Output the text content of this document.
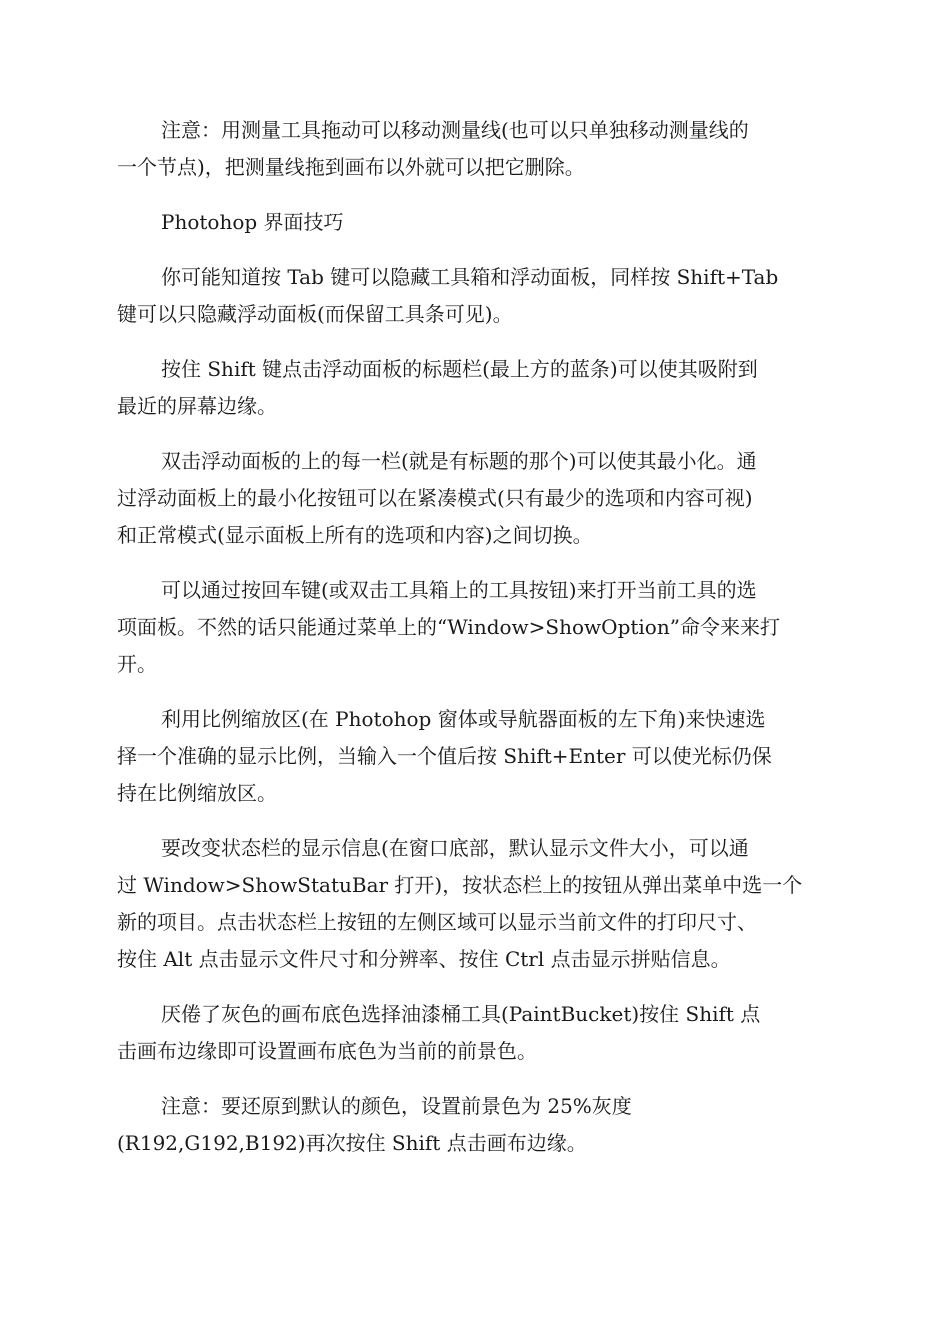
注意：用测量工具拖动可以移动测量线(也可以只单独移动测量线的
一个节点)，把测量线拖到画布以外就可以把它删除。

Photohop 界面技巧

你可能知道按 Tab 键可以隐藏工具箱和浮动面板，同样按 Shift+Tab
键可以只隐藏浮动面板(而保留工具条可见)。

按住 Shift 键点击浮动面板的标题栏(最上方的蓝条)可以使其吸附到
最近的屏幕边缘。

双击浮动面板的上的每一栏(就是有标题的那个)可以使其最小化。通
过浮动面板上的最小化按钮可以在紧凑模式(只有最少的选项和内容可视)
和正常模式(显示面板上所有的选项和内容)之间切换。

可以通过按回车键(或双击工具箱上的工具按钮)来打开当前工具的选
项面板。不然的话只能通过菜单上的“Window>ShowOption”命令来来打
开。

利用比例缩放区(在 Photohop 窗体或导航器面板的左下角)来快速选
择一个准确的显示比例，当输入一个值后按 Shift+Enter 可以使光标仍保
持在比例缩放区。

要改变状态栏的显示信息(在窗口底部，默认显示文件大小，可以通
过 Window>ShowStatuBar 打开)，按状态栏上的按钮从弹出菜单中选一个
新的项目。点击状态栏上按钮的左侧区域可以显示当前文件的打印尺寸、
按住 Alt 点击显示文件尺寸和分辨率、按住 Ctrl 点击显示拼贴信息。

厌倦了灰色的画布底色选择油漆桶工具(PaintBucket)按住 Shift 点
击画布边缘即可设置画布底色为当前的前景色。

注意：要还原到默认的颜色，设置前景色为 25%灰度
(R192,G192,B192)再次按住 Shift 点击画布边缘。
